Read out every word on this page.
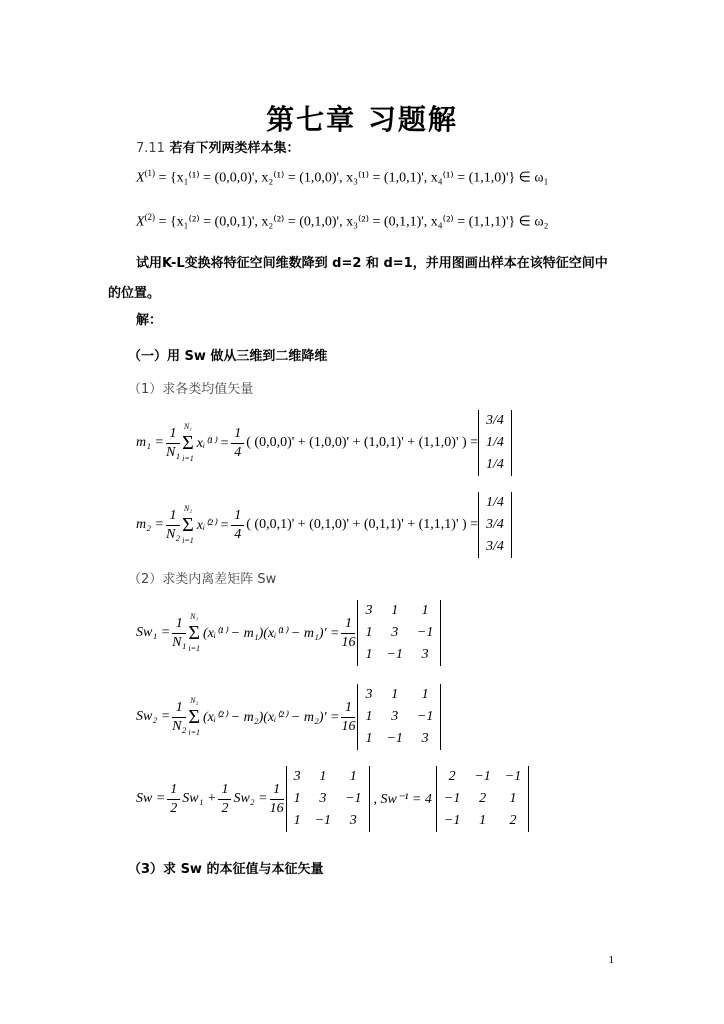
第七章 习题解
7.11 若有下列两类样本集：
$X^{(1)} = \{x_1^{(1)} = (0,0,0)'$, x₂⁽¹⁾ = (1,0,0)', x₃⁽¹⁾ = (1,0,1)', x₄⁽¹⁾ = (1,1,0)'} ∈ ω₁
$X^{(2)} = \{x_1^{(2)} = (0,0,1)'$, x₂⁽²⁾ = (0,1,0)', x₃⁽²⁾ = (0,1,1)', x₄⁽²⁾ = (1,1,1)'} ∈ ω₂
试用K-L变换将特征空间维数降到 d=2 和 d=1，并用图画出样本在该特征空间中
的位置。
解：
（一）用 Sw 做从三维到二维降维
（1）求各类均值矢量
$m_1 = \frac{1}{\text{N₁}} N_1$
Σ
i=1
xᵢ⁽¹⁾ = $\frac{1}{4}$ ( (0,0,0)' + (1,0,0)' + (1,0,1)' + (1,1,0)' ) =
3/4
1/4
1/4
$m_2 = \frac{1}{\text{N₂}} N_2$
Σ
i=1
xᵢ⁽²⁾ = $\frac{1}{4}$ ( (0,0,1)' + (0,1,0)' + (0,1,1)' + (1,1,1)' ) =
1/4
3/4
3/4
（2）求类内离差矩阵 Sw
$Sw_1 = \frac{1}{\text{N₁}} N_1$
Σ
i=1
(xᵢ⁽¹⁾ − m₁)(xᵢ⁽¹⁾ − $m_1)' = \frac{1}{16}$
3	1	1
1	3	−1
1	−1	3
$Sw_2 = \frac{1}{\text{N₂}} N_2$
Σ
i=1
(xᵢ⁽²⁾ − m₂)(xᵢ⁽²⁾ − $m_2)' = \frac{1}{16}$
3	1	1
1	3	−1
1	−1	3
$Sw = \frac{1}{2} Sw_1 + \frac{1}{2} Sw_2 = \frac{1}{16}$
3	1	1
1	3	−1
1	−1	3
, Sw⁻¹ = 4
2	−1	−1
−1	2	1
−1	1	2
（3）求 Sw 的本征值与本征矢量
1
